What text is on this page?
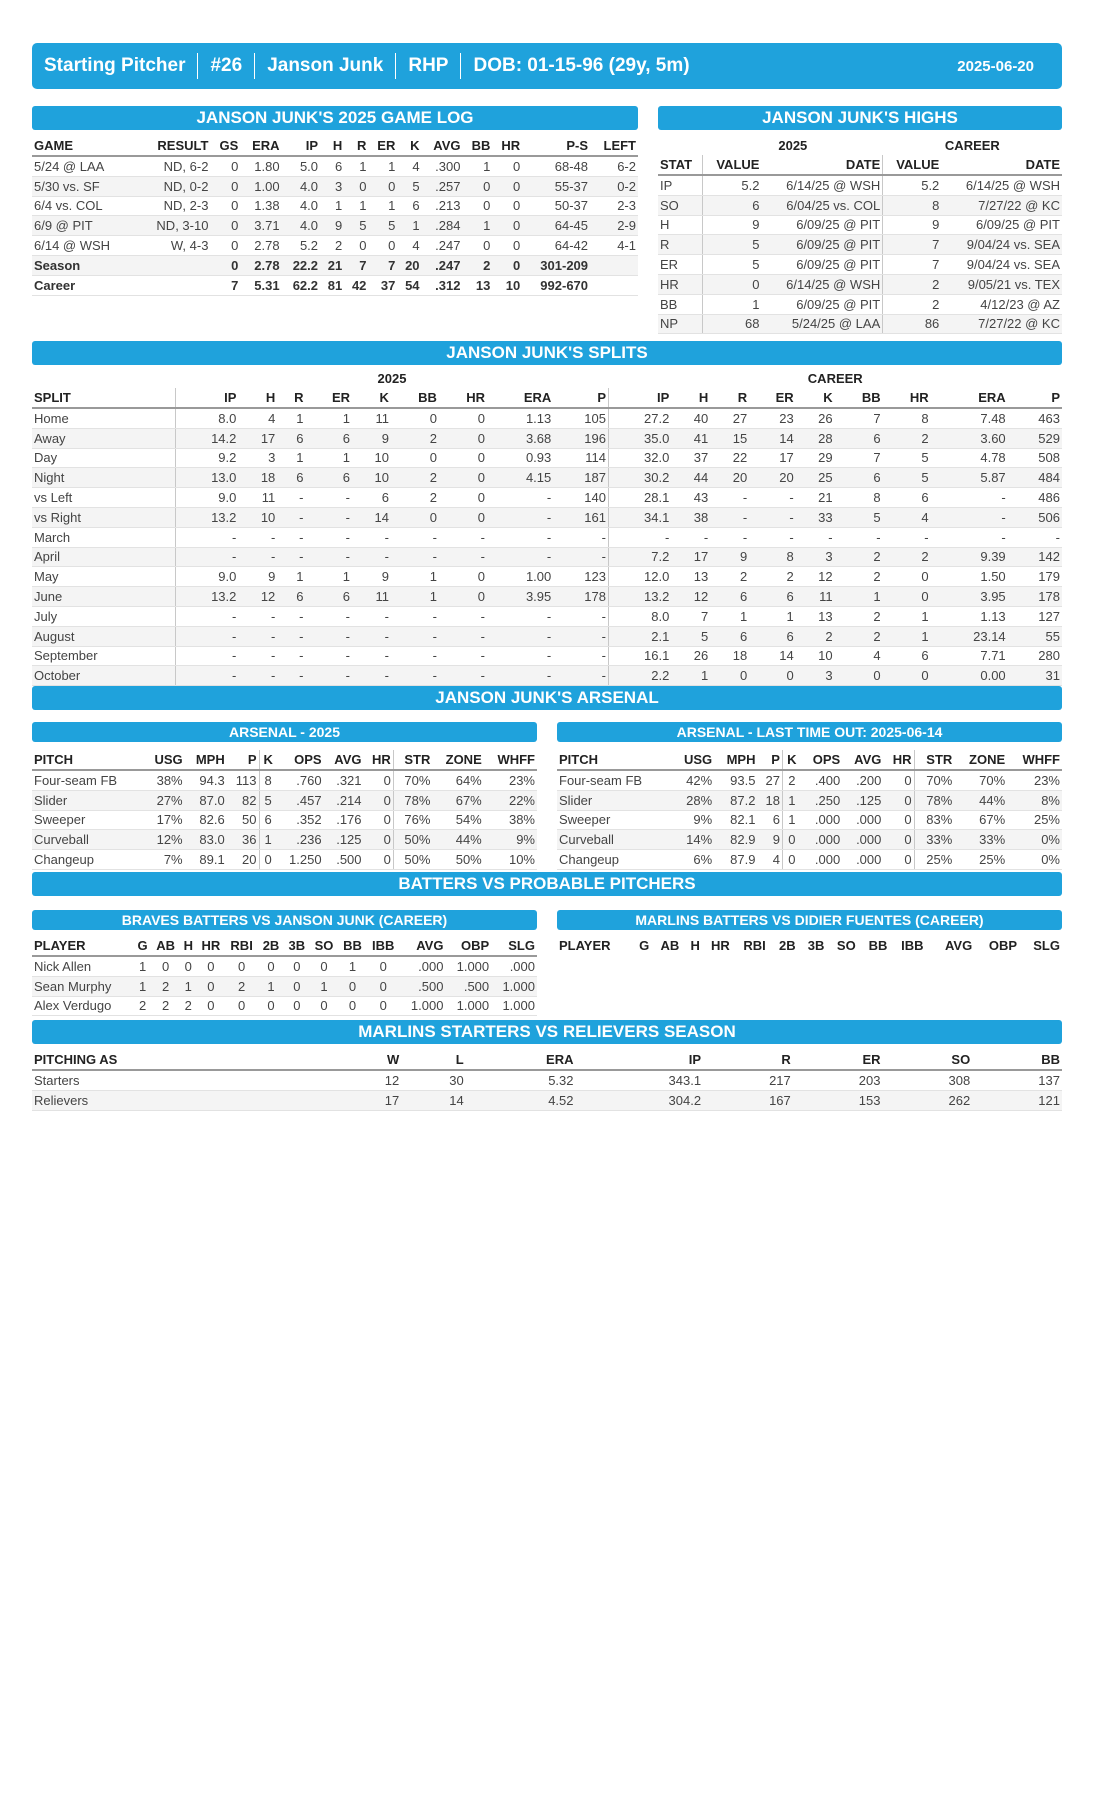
Starting Pitcher	#26	Janson Junk	RHP	DOB: 01-15-96 (29y, 5m)	2025-06-20
JANSON JUNK'S 2025 GAME LOG
GAME	RESULT	GS	ERA	IP	H	R	ER	K	AVG	BB	HR	P-S	LEFT
5/24 @ LAA	ND, 6-2	0	1.80	5.0	6	1	1	4	.300	1	0	68-48	6-2
5/30 vs. SF	ND, 0-2	0	1.00	4.0	3	0	0	5	.257	0	0	55-37	0-2
6/4 vs. COL	ND, 2-3	0	1.38	4.0	1	1	1	6	.213	0	0	50-37	2-3
6/9 @ PIT	ND, 3-10	0	3.71	4.0	9	5	5	1	.284	1	0	64-45	2-9
6/14 @ WSH	W, 4-3	0	2.78	5.2	2	0	0	4	.247	0	0	64-42	4-1
Season		0	2.78	22.2	21	7	7	20	.247	2	0	301-209	
Career		7	5.31	62.2	81	42	37	54	.312	13	10	992-670	
JANSON JUNK'S HIGHS
	2025		CAREER	
STAT	VALUE	DATE	VALUE	DATE
IP	5.2	6/14/25 @ WSH	5.2	6/14/25 @ WSH
SO	6	6/04/25 vs. COL	8	7/27/22 @ KC
H	9	6/09/25 @ PIT	9	6/09/25 @ PIT
R	5	6/09/25 @ PIT	7	9/04/24 vs. SEA
ER	5	6/09/25 @ PIT	7	9/04/24 vs. SEA
HR	0	6/14/25 @ WSH	2	9/05/21 vs. TEX
BB	1	6/09/25 @ PIT	2	4/12/23 @ AZ
NP	68	5/24/25 @ LAA	86	7/27/22 @ KC
JANSON JUNK'S SPLITS
	2025									CAREER								
SPLIT	IP	H	R	ER	K	BB	HR	ERA	P	IP	H	R	ER	K	BB	HR	ERA	P
Home	8.0	4	1	1	11	0	0	1.13	105	27.2	40	27	23	26	7	8	7.48	463
Away	14.2	17	6	6	9	2	0	3.68	196	35.0	41	15	14	28	6	2	3.60	529
Day	9.2	3	1	1	10	0	0	0.93	114	32.0	37	22	17	29	7	5	4.78	508
Night	13.0	18	6	6	10	2	0	4.15	187	30.2	44	20	20	25	6	5	5.87	484
vs Left	9.0	11	-	-	6	2	0	-	140	28.1	43	-	-	21	8	6	-	486
vs Right	13.2	10	-	-	14	0	0	-	161	34.1	38	-	-	33	5	4	-	506
March	-	-	-	-	-	-	-	-	-	-	-	-	-	-	-	-	-	-
April	-	-	-	-	-	-	-	-	-	7.2	17	9	8	3	2	2	9.39	142
May	9.0	9	1	1	9	1	0	1.00	123	12.0	13	2	2	12	2	0	1.50	179
June	13.2	12	6	6	11	1	0	3.95	178	13.2	12	6	6	11	1	0	3.95	178
July	-	-	-	-	-	-	-	-	-	8.0	7	1	1	13	2	1	1.13	127
August	-	-	-	-	-	-	-	-	-	2.1	5	6	6	2	2	1	23.14	55
September	-	-	-	-	-	-	-	-	-	16.1	26	18	14	10	4	6	7.71	280
October	-	-	-	-	-	-	-	-	-	2.2	1	0	0	3	0	0	0.00	31
JANSON JUNK'S ARSENAL
ARSENAL - 2025
PITCH	USG	MPH	P	K	OPS	AVG	HR	STR	ZONE	WHFF
Four-seam FB	38%	94.3	113	8	.760	.321	0	70%	64%	23%
Slider	27%	87.0	82	5	.457	.214	0	78%	67%	22%
Sweeper	17%	82.6	50	6	.352	.176	0	76%	54%	38%
Curveball	12%	83.0	36	1	.236	.125	0	50%	44%	9%
Changeup	7%	89.1	20	0	1.250	.500	0	50%	50%	10%
ARSENAL - LAST TIME OUT: 2025-06-14
PITCH	USG	MPH	P	K	OPS	AVG	HR	STR	ZONE	WHFF
Four-seam FB	42%	93.5	27	2	.400	.200	0	70%	70%	23%
Slider	28%	87.2	18	1	.250	.125	0	78%	44%	8%
Sweeper	9%	82.1	6	1	.000	.000	0	83%	67%	25%
Curveball	14%	82.9	9	0	.000	.000	0	33%	33%	0%
Changeup	6%	87.9	4	0	.000	.000	0	25%	25%	0%
BATTERS VS PROBABLE PITCHERS
BRAVES BATTERS VS JANSON JUNK (CAREER)
PLAYER	G	AB	H	HR	RBI	2B	3B	SO	BB	IBB	AVG	OBP	SLG
Nick Allen	1	0	0	0	0	0	0	0	1	0	.000	1.000	.000
Sean Murphy	1	2	1	0	2	1	0	1	0	0	.500	.500	1.000
Alex Verdugo	2	2	2	0	0	0	0	0	0	0	1.000	1.000	1.000
MARLINS BATTERS VS DIDIER FUENTES (CAREER)
PLAYER	G	AB	H	HR	RBI	2B	3B	SO	BB	IBB	AVG	OBP	SLG
MARLINS STARTERS VS RELIEVERS SEASON
PITCHING AS	W	L	ERA	IP	R	ER	SO	BB
Starters	12	30	5.32	343.1	217	203	308	137
Relievers	17	14	4.52	304.2	167	153	262	121
